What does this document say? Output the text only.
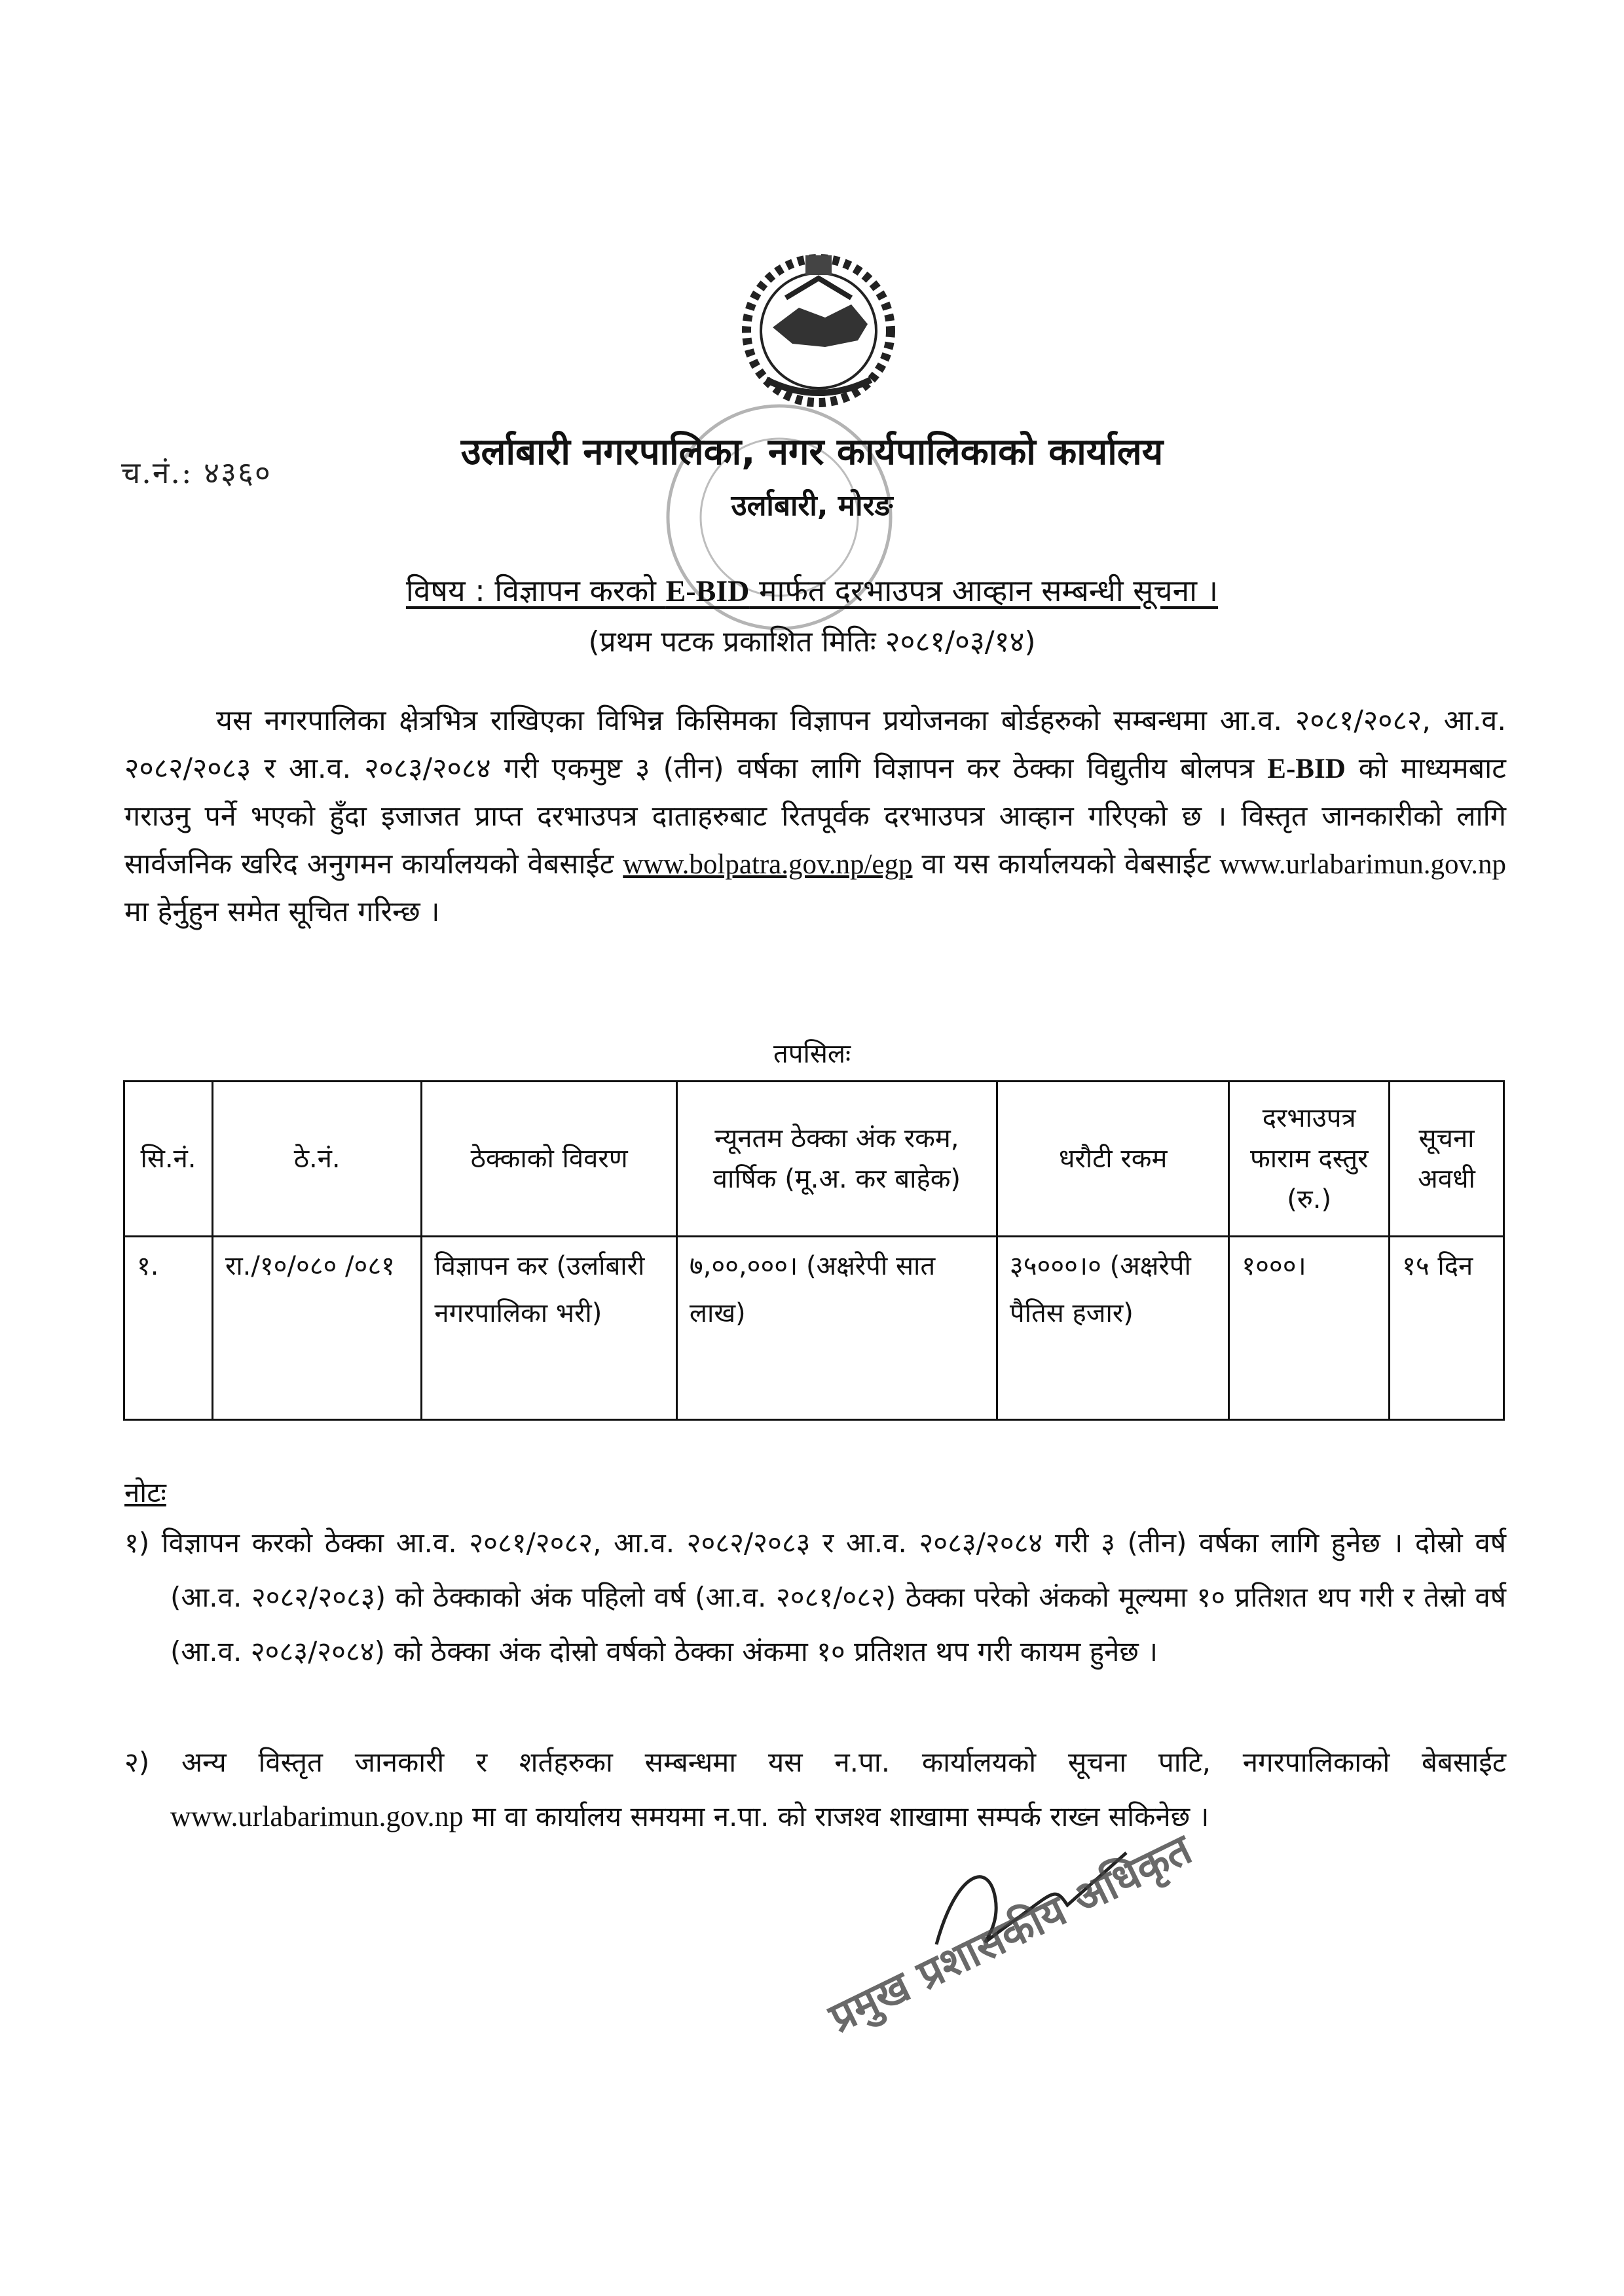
च.नं.: ४३६०	उर्लाबारी नगरपालिका, नगर कार्यपालिकाको कार्यालय
उर्लाबारी, मोरङ
विषय : विज्ञापन करको E-BID मार्फत दरभाउपत्र आव्हान सम्बन्धी सूचना ।
(प्रथम पटक प्रकाशित मितिः २०८१/०३/१४)
यस नगरपालिका क्षेत्रभित्र राखिएका विभिन्न किसिमका विज्ञापन प्रयोजनका बोर्डहरुको सम्बन्धमा आ.व. २०८१/२०८२, आ.व. २०८२/२०८३ र आ.व. २०८३/२०८४ गरी एकमुष्ट ३ (तीन) वर्षका लागि विज्ञापन कर ठेक्का विद्युतीय बोलपत्र E-BID को माध्यमबाट गराउनु पर्ने भएको हुँदा इजाजत प्राप्त दरभाउपत्र दाताहरुबाट रितपूर्वक दरभाउपत्र आव्हान गरिएको छ । विस्तृत जानकारीको लागि सार्वजनिक खरिद अनुगमन कार्यालयको वेबसाईट www.bolpatra.gov.np/egp वा यस कार्यालयको वेबसाईट www.urlabarimun.gov.np मा हेर्नुहुन समेत सूचित गरिन्छ ।
तपसिलः
सि.नं.	ठे.नं.	ठेक्काको विवरण	न्यूनतम ठेक्का अंक रकम, वार्षिक (मू.अ. कर बाहेक)	धरौटी रकम	दरभाउपत्र फाराम दस्तुर (रु.)	सूचना अवधी
१.	रा./१०/०८० /०८१	विज्ञापन कर (उर्लाबारी नगरपालिका भरी)	७,००,०००। (अक्षरेपी सात लाख)	३५०००।० (अक्षरेपी पैतिस हजार)	१०००।	१५ दिन
नोटः
१) विज्ञापन करको ठेक्का आ.व. २०८१/२०८२, आ.व. २०८२/२०८३ र आ.व. २०८३/२०८४ गरी ३ (तीन) वर्षका लागि हुनेछ । दोस्रो वर्ष (आ.व. २०८२/२०८३) को ठेक्काको अंक पहिलो वर्ष (आ.व. २०८१/०८२) ठेक्का परेको अंकको मूल्यमा १० प्रतिशत थप गरी र तेस्रो वर्ष (आ.व. २०८३/२०८४) को ठेक्का अंक दोस्रो वर्षको ठेक्का अंकमा १० प्रतिशत थप गरी कायम हुनेछ ।
२) अन्य विस्तृत जानकारी र शर्तहरुका सम्बन्धमा यस न.पा. कार्यालयको सूचना पाटि, नगरपालिकाको बेबसाईट www.urlabarimun.gov.np मा वा कार्यालय समयमा न.पा. को राजश्व शाखामा सम्पर्क राख्न सकिनेछ ।
प्रमुख प्रशासकीय अधिकृत
